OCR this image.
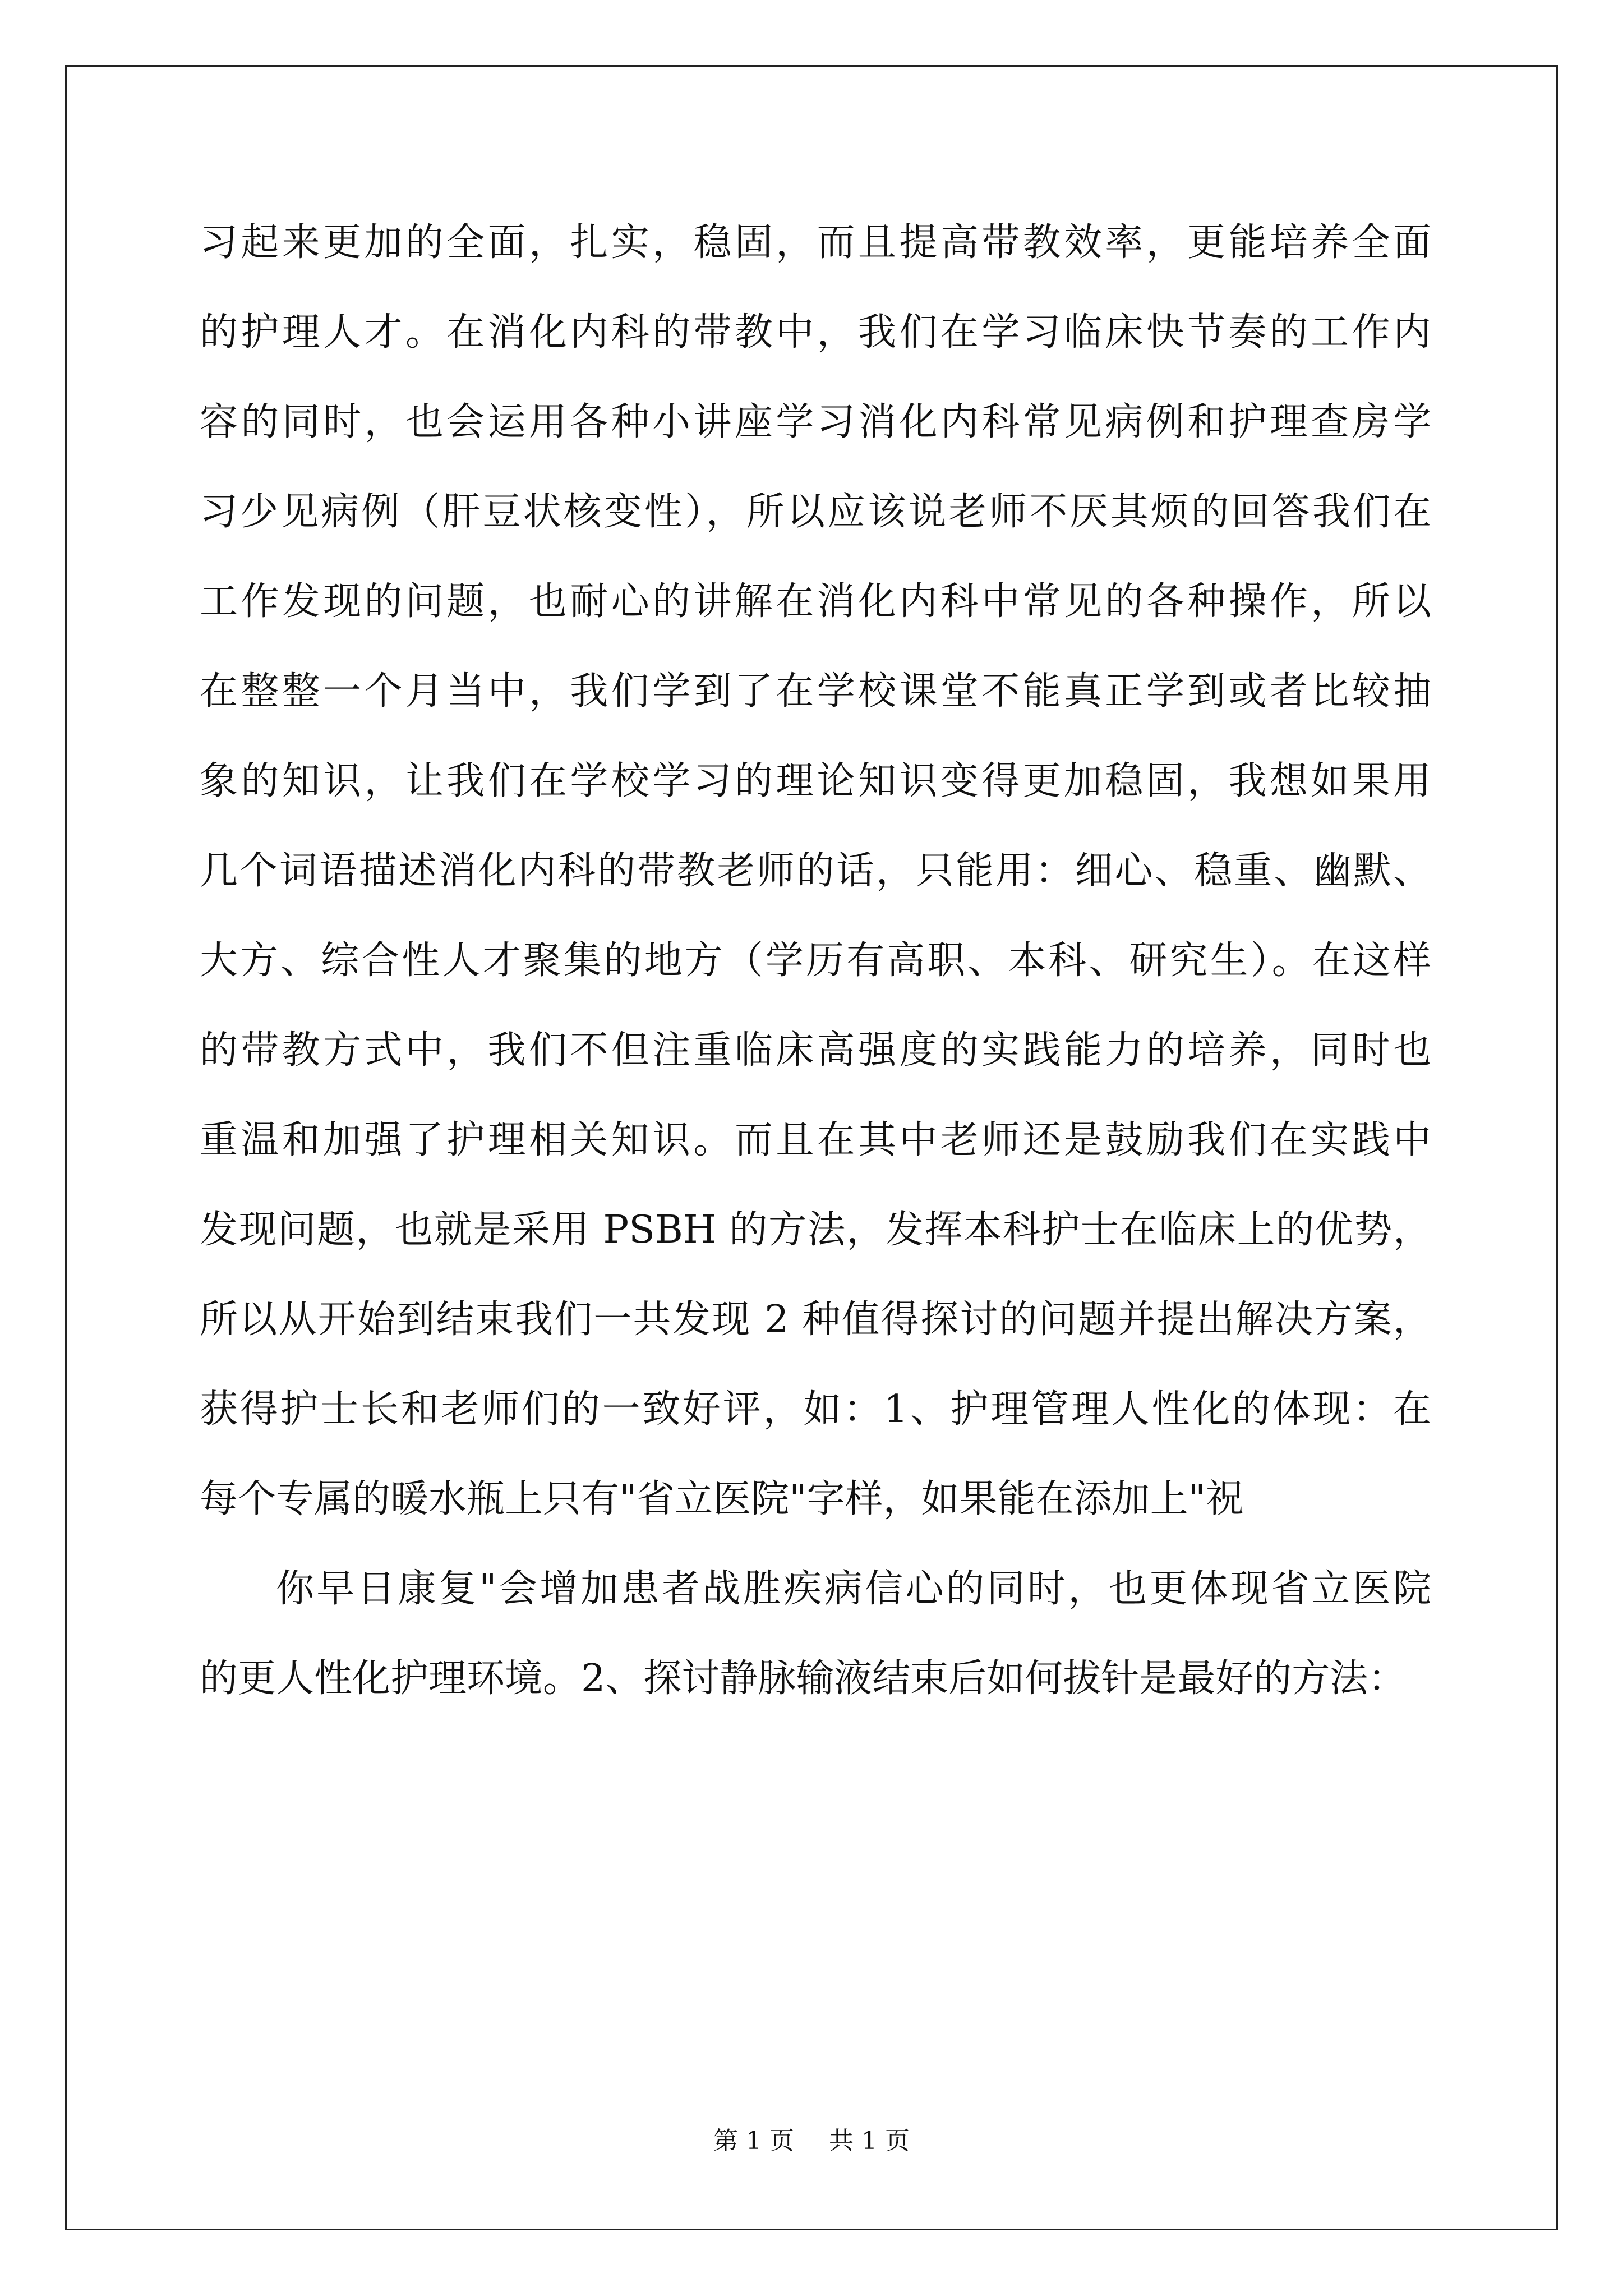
习起来更加的全面，扎实，稳固，而且提高带教效率，更能培养全面

的护理人才。在消化内科的带教中，我们在学习临床快节奏的工作内

容的同时，也会运用各种小讲座学习消化内科常见病例和护理查房学

习少见病例（肝豆状核变性），所以应该说老师不厌其烦的回答我们在

工作发现的问题，也耐心的讲解在消化内科中常见的各种操作，所以

在整整一个月当中，我们学到了在学校课堂不能真正学到或者比较抽

象的知识，让我们在学校学习的理论知识变得更加稳固，我想如果用

几个词语描述消化内科的带教老师的话，只能用：细心、稳重、幽默、

大方、综合性人才聚集的地方（学历有高职、本科、研究生）。在这样

的带教方式中，我们不但注重临床高强度的实践能力的培养，同时也

重温和加强了护理相关知识。而且在其中老师还是鼓励我们在实践中

发现问题，也就是采用 PSBH 的方法，发挥本科护士在临床上的优势，

所以从开始到结束我们一共发现 2 种值得探讨的问题并提出解决方案，

获得护士长和老师们的一致好评，如：1、护理管理人性化的体现：在

每个专属的暖水瓶上只有"省立医院"字样，如果能在添加上"祝

你早日康复"会增加患者战胜疾病信心的同时，也更体现省立医院

的更人性化护理环境。2、探讨静脉输液结束后如何拔针是最好的方法：

第 1 页 共 1 页
